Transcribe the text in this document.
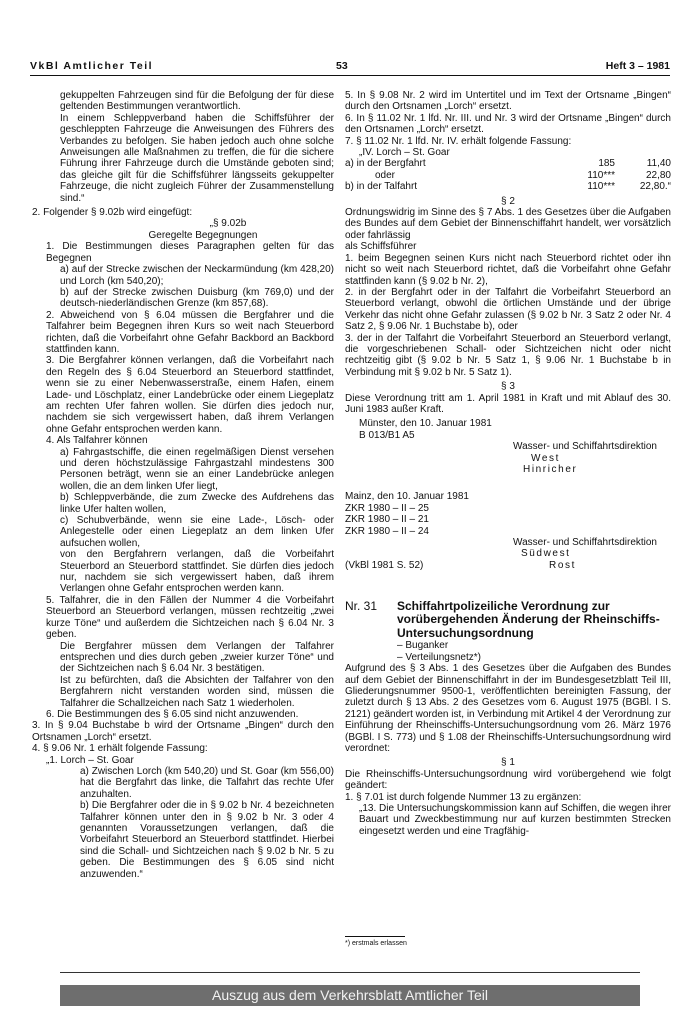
VkBl Amtlicher Teil	53	Heft 3 – 1981

gekuppelten Fahrzeugen sind für die Befolgung der für diese geltenden Bestimmungen verantwortlich.

In einem Schleppverband haben die Schiffsführer der geschleppten Fahrzeuge die Anweisungen des Führers des Verbandes zu befolgen. Sie haben jedoch auch ohne solche Anweisungen alle Maßnahmen zu treffen, die für die sichere Führung ihrer Fahrzeuge durch die Umstände geboten sind; das gleiche gilt für die Schiffsführer längsseits gekuppelter Fahrzeuge, die nicht zugleich Führer der Zusammenstellung sind.“

2. Folgender § 9.02b wird eingefügt:

„§ 9.02b

Geregelte Begegnungen

1. Die Bestimmungen dieses Paragraphen gelten für das Begegnen

a) auf der Strecke zwischen der Neckarmündung (km 428,20) und Lorch (km 540,20);

b) auf der Strecke zwischen Duisburg (km 769,0) und der deutsch-niederländischen Grenze (km 857,68).

2. Abweichend von § 6.04 müssen die Bergfahrer und die Talfahrer beim Begegnen ihren Kurs so weit nach Steuerbord richten, daß die Vorbeifahrt ohne Gefahr Backbord an Backbord stattfinden kann.

3. Die Bergfahrer können verlangen, daß die Vorbeifahrt nach den Regeln des § 6.04 Steuerbord an Steuerbord stattfindet, wenn sie zu einer Nebenwasserstraße, einem Hafen, einem Lade- und Löschplatz, einer Landebrücke oder einem Liegeplatz am rechten Ufer fahren wollen. Sie dürfen dies jedoch nur, nachdem sie sich vergewissert haben, daß ihrem Verlangen ohne Gefahr entsprochen werden kann.

4. Als Talfahrer können

a) Fahrgastschiffe, die einen regelmäßigen Dienst versehen und deren höchstzulässige Fahrgastzahl mindestens 300 Personen beträgt, wenn sie an einer Landebrücke anlegen wollen, die an dem linken Ufer liegt,

b) Schleppverbände, die zum Zwecke des Aufdrehens das linke Ufer halten wollen,

c) Schubverbände, wenn sie eine Lade-, Lösch- oder Anlegestelle oder einen Liegeplatz an dem linken Ufer aufsuchen wollen,

von den Bergfahrern verlangen, daß die Vorbeifahrt Steuerbord an Steuerbord stattfindet. Sie dürfen dies jedoch nur, nachdem sie sich vergewissert haben, daß ihrem Verlangen ohne Gefahr entsprochen werden kann.

5. Talfahrer, die in den Fällen der Nummer 4 die Vorbeifahrt Steuerbord an Steuerbord verlangen, müssen rechtzeitig „zwei kurze Töne“ und außerdem die Sichtzeichen nach § 6.04 Nr. 3 geben.

Die Bergfahrer müssen dem Verlangen der Talfahrer entsprechen und dies durch geben „zweier kurzer Töne“ und der Sichtzeichen nach § 6.04 Nr. 3 bestätigen.

Ist zu befürchten, daß die Absichten der Talfahrer von den Bergfahrern nicht verstanden worden sind, müssen die Talfahrer die Schallzeichen nach Satz 1 wiederholen.

6. Die Bestimmungen des § 6.05 sind nicht anzuwenden.

3. In § 9.04 Buchstabe b wird der Ortsname „Bingen“ durch den Ortsnamen „Lorch“ ersetzt.

4. § 9.06 Nr. 1 erhält folgende Fassung:

„1. Lorch – St. Goar

a) Zwischen Lorch (km 540,20) und St. Goar (km 556,00) hat die Bergfahrt das linke, die Talfahrt das rechte Ufer anzuhalten.

b) Die Bergfahrer oder die in § 9.02 b Nr. 4 bezeichneten Talfahrer können unter den in § 9.02 b Nr. 3 oder 4 genannten Voraussetzungen verlangen, daß die Vorbeifahrt Steuerbord an Steuerbord stattfindet. Hierbei sind die Schall- und Sichtzeichen nach § 9.02 b Nr. 5 zu geben. Die Bestimmungen des § 6.05 sind nicht anzuwenden.“

5. In § 9.08 Nr. 2 wird im Untertitel und im Text der Ortsname „Bingen“ durch den Ortsnamen „Lorch“ ersetzt.

6. In § 11.02 Nr. 1 lfd. Nr. III. und Nr. 3 wird der Ortsname „Bingen“ durch den Ortsnamen „Lorch“ ersetzt.

7. § 11.02 Nr. 1 lfd. Nr. IV. erhält folgende Fassung:

„IV. Lorch – St. Goar

a) in der Bergfahrt	185	11,40
oder	110***	22,80
b) in der Talfahrt	110***	22,80.“

§ 2

Ordnungswidrig im Sinne des § 7 Abs. 1 des Gesetzes über die Aufgaben des Bundes auf dem Gebiet der Binnenschiffahrt handelt, wer vorsätzlich oder fahrlässig

als Schiffsführer

1. beim Begegnen seinen Kurs nicht nach Steuerbord richtet oder ihn nicht so weit nach Steuerbord richtet, daß die Vorbeifahrt ohne Gefahr stattfinden kann (§ 9.02 b Nr. 2),

2. in der Bergfahrt oder in der Talfahrt die Vorbeifahrt Steuerbord an Steuerbord verlangt, obwohl die örtlichen Umstände und der übrige Verkehr das nicht ohne Gefahr zulassen (§ 9.02 b Nr. 3 Satz 2 oder Nr. 4 Satz 2, § 9.06 Nr. 1 Buchstabe b), oder

3. der in der Talfahrt die Vorbeifahrt Steuerbord an Steuerbord verlangt, die vorgeschriebenen Schall- oder Sichtzeichen nicht oder nicht rechtzeitig gibt (§ 9.02 b Nr. 5 Satz 1, § 9.06 Nr. 1 Buchstabe b in Verbindung mit § 9.02 b Nr. 5 Satz 1).

§ 3

Diese Verordnung tritt am 1. April 1981 in Kraft und mit Ablauf des 30. Juni 1983 außer Kraft.

Münster, den 10. Januar 1981

B 013/B1 A5

Wasser- und Schiffahrtsdirektion

West

Hinricher

Mainz, den 10. Januar 1981

ZKR 1980 – II – 25

ZKR 1980 – II – 21

ZKR 1980 – II – 24

Wasser- und Schiffahrtsdirektion

Südwest

(VkBl 1981 S. 52)	Rost
Nr. 31 Schiffahrtpolizeiliche Verordnung zur vorübergehenden Änderung der Rheinschiffs-Untersuchungsordnung

– Buganker

– Verteilungsnetz*)

Aufgrund des § 3 Abs. 1 des Gesetzes über die Aufgaben des Bundes auf dem Gebiet der Binnenschiffahrt in der im Bundesgesetzblatt Teil III, Gliederungsnummer 9500-1, veröffentlichten bereinigten Fassung, der zuletzt durch § 13 Abs. 2 des Gesetzes vom 6. August 1975 (BGBl. I S. 2121) geändert worden ist, in Verbindung mit Artikel 4 der Verordnung zur Einführung der Rheinschiffs-Untersuchungsordnung vom 26. März 1976 (BGBl. I S. 773) und § 1.08 der Rheinschiffs-Untersuchungsordnung wird verordnet:

§ 1

Die Rheinschiffs-Untersuchungsordnung wird vorübergehend wie folgt geändert:

1. § 7.01 ist durch folgende Nummer 13 zu ergänzen:

„13. Die Untersuchungskommission kann auf Schiffen, die wegen ihrer Bauart und Zweckbestimmung nur auf kurzen bestimmten Strecken eingesetzt werden und eine Tragfähig-

*) erstmals erlassen
Auszug aus dem Verkehrsblatt Amtlicher Teil
